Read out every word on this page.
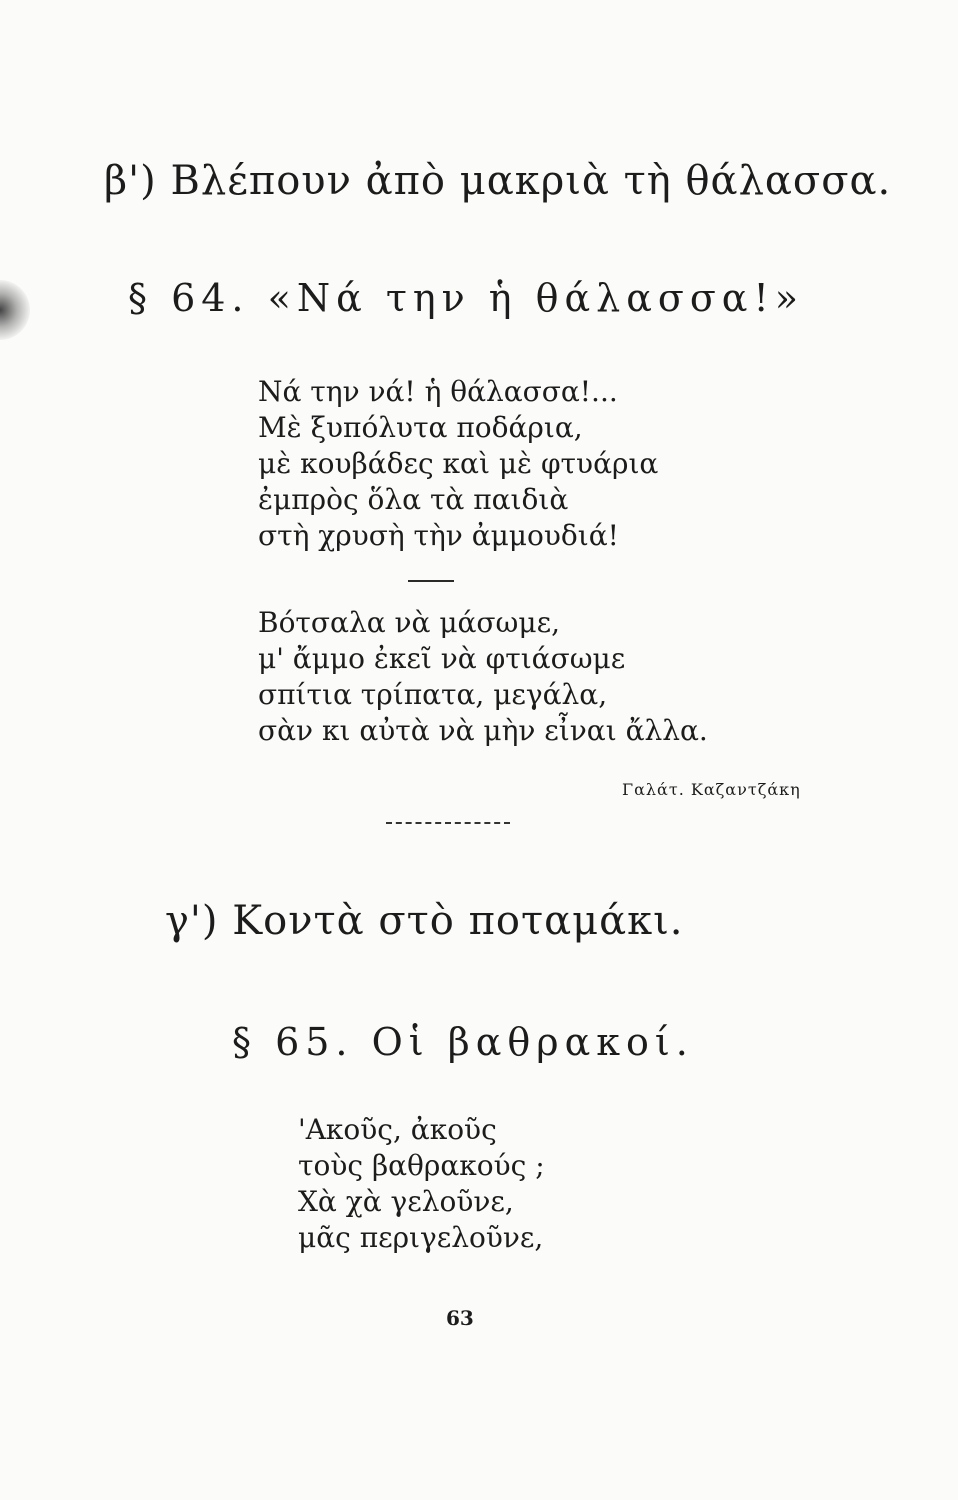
β') Βλέπουν ἀπὸ μακριὰ τὴ θάλασσα.
§ 64. «Νά την ἡ θάλασσα!»
Νά την νά! ἡ θάλασσα!...
Μὲ ξυπόλυτα ποδάρια,
μὲ κουβάδες καὶ μὲ φτυάρια
ἐμπρὸς ὅλα τὰ παιδιὰ
στὴ χρυσὴ τὴν ἀμμουδιά!
Βότσαλα νὰ μάσωμε,
μ' ἄμμο ἐκεῖ νὰ φτιάσωμε
σπίτια τρίπατα, μεγάλα,
σὰν κι αὐτὰ νὰ μὴν εἶναι ἄλλα.
Γαλάτ. Καζαντζάκη
γ') Κοντὰ στὸ ποταμάκι.
§ 65. Οἱ βαθρακοί.
'Ακοῦς, ἀκοῦς
τοὺς βαθρακούς ;
Χὰ χὰ γελοῦνε,
μᾶς περιγελοῦνε,
63
